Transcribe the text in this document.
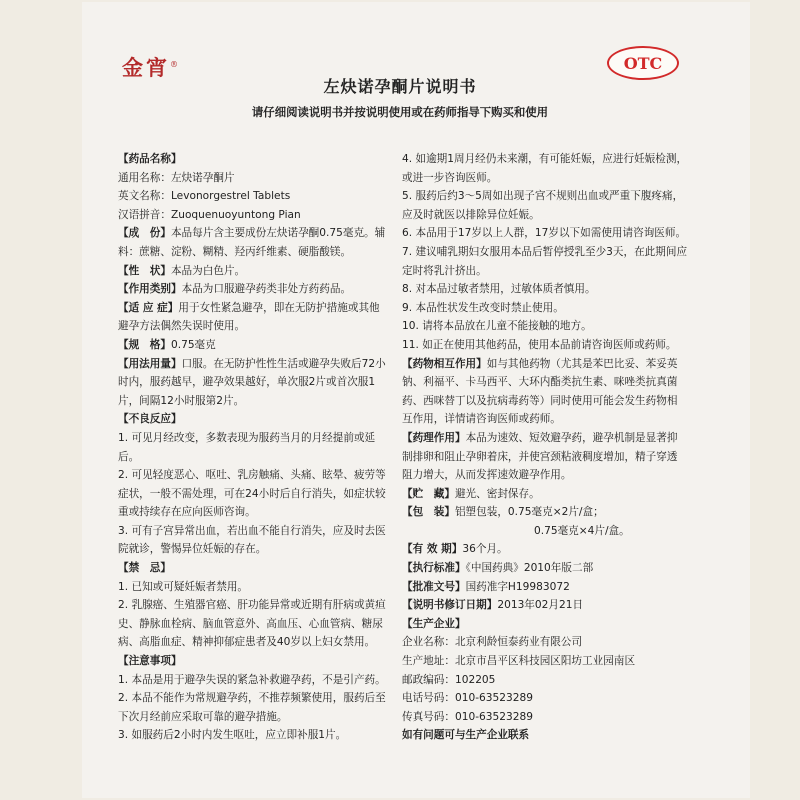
金宵®	OTC
左炔诺孕酮片说明书
请仔细阅读说明书并按说明使用或在药师指导下购买和使用

【药品名称】

通用名称：左炔诺孕酮片

英文名称：Levonorgestrel Tablets

汉语拼音：Zuoquenuoyuntong Pian

【成　份】本品每片含主要成份左炔诺孕酮0.75毫克。辅料：蔗糖、淀粉、糊精、羟丙纤维素、硬脂酸镁。

【性　状】本品为白色片。

【作用类别】本品为口服避孕药类非处方药药品。

【适 应 症】用于女性紧急避孕，即在无防护措施或其他避孕方法偶然失误时使用。

【规　格】0.75毫克

【用法用量】口服。在无防护性性生活或避孕失败后72小时内，服药越早，避孕效果越好，单次服2片或首次服1片，间隔12小时服第2片。

【不良反应】

1. 可见月经改变，多数表现为服药当月的月经提前或延后。

2. 可见轻度恶心、呕吐、乳房触痛、头痛、眩晕、疲劳等症状，一般不需处理，可在24小时后自行消失，如症状较重或持续存在应向医师咨询。

3. 可有子宫异常出血，若出血不能自行消失，应及时去医院就诊，警惕异位妊娠的存在。

【禁　忌】

1. 已知或可疑妊娠者禁用。

2. 乳腺癌、生殖器官癌、肝功能异常或近期有肝病或黄疸史、静脉血栓病、脑血管意外、高血压、心血管病、糖尿病、高脂血症、精神抑郁症患者及40岁以上妇女禁用。

【注意事项】

1. 本品是用于避孕失误的紧急补救避孕药，不是引产药。

2. 本品不能作为常规避孕药，不推荐频繁使用，服药后至下次月经前应采取可靠的避孕措施。

3. 如服药后2小时内发生呕吐，应立即补服1片。

4. 如逾期1周月经仍未来潮，有可能妊娠，应进行妊娠检测，或进一步咨询医师。

5. 服药后约3～5周如出现子宫不规则出血或严重下腹疼痛，应及时就医以排除异位妊娠。

6. 本品用于17岁以上人群，17岁以下如需使用请咨询医师。

7. 建议哺乳期妇女服用本品后暂停授乳至少3天，在此期间应定时将乳汁挤出。

8. 对本品过敏者禁用，过敏体质者慎用。

9. 本品性状发生改变时禁止使用。

10. 请将本品放在儿童不能接触的地方。

11. 如正在使用其他药品，使用本品前请咨询医师或药师。

【药物相互作用】如与其他药物（尤其是苯巴比妥、苯妥英钠、利福平、卡马西平、大环内酯类抗生素、咪唑类抗真菌药、西咪替丁以及抗病毒药等）同时使用可能会发生药物相互作用，详情请咨询医师或药师。

【药理作用】本品为速效、短效避孕药，避孕机制是显著抑制排卵和阻止孕卵着床，并使宫颈粘液稠度增加，精子穿透阻力增大，从而发挥速效避孕作用。

【贮　藏】避光、密封保存。

【包　装】铝塑包装，0.75毫克×2片/盒；

0.75毫克×4片/盒。

【有 效 期】36个月。

【执行标准】《中国药典》2010年版二部

【批准文号】国药准字H19983072

【说明书修订日期】2013年02月21日

【生产企业】

企业名称：北京利龄恒泰药业有限公司

生产地址：北京市昌平区科技园区阳坊工业园南区

邮政编码：102205

电话号码：010-63523289

传真号码：010-63523289

如有问题可与生产企业联系
